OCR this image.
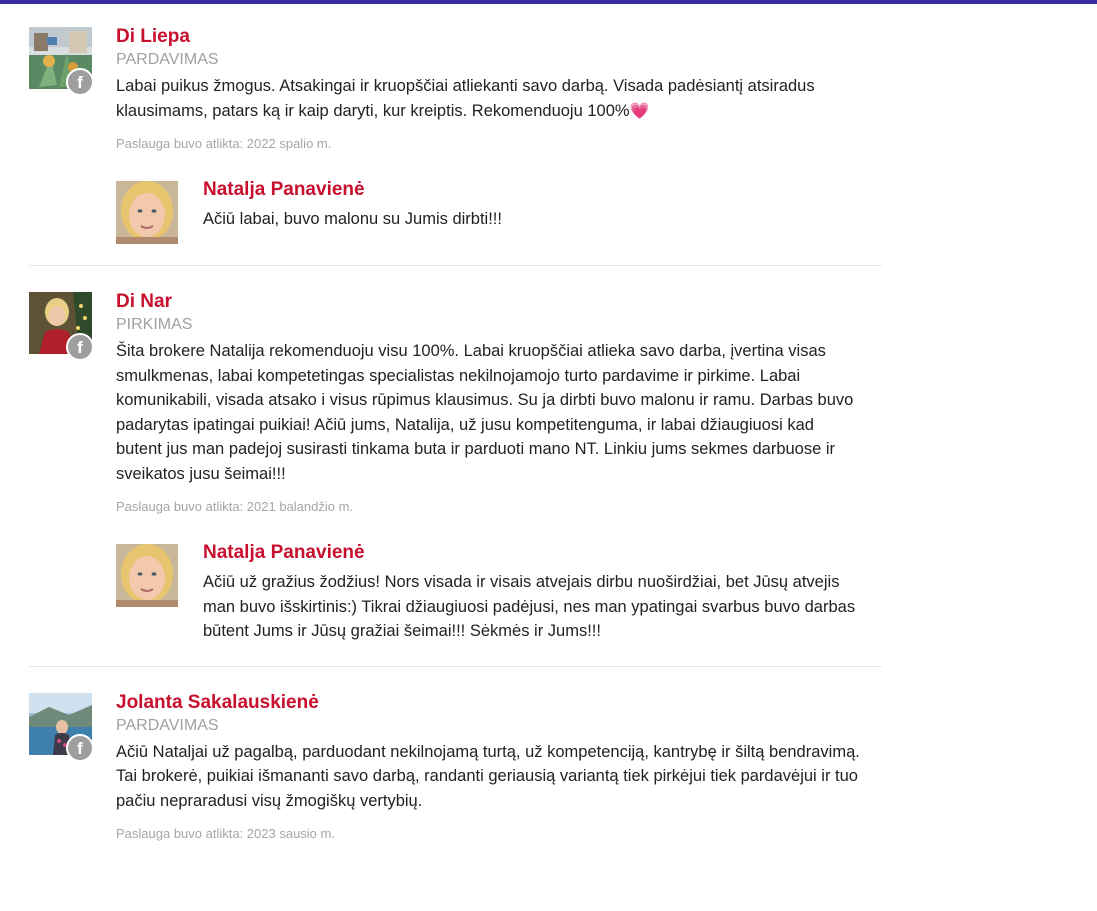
f
Di Liepa
PARDAVIMAS
Labai puikus žmogus. Atsakingai ir kruopščiai atliekanti savo darbą. Visada padėsiantį atsiradus klausimams, patars ką ir kaip daryti, kur kreiptis. Rekomenduoju 100%💗
Paslauga buvo atlikta: 2022 spalio m.
Natalja Panavienė
Ačiū labai, buvo malonu su Jumis dirbti!!!
f
Di Nar
PIRKIMAS
Šita brokere Natalija rekomenduoju visu 100%. Labai kruopščiai atlieka savo darba, įvertina visas smulkmenas, labai kompetetingas specialistas nekilnojamojo turto pardavime ir pirkime. Labai komunikabili, visada atsako i visus rūpimus klausimus. Su ja dirbti buvo malonu ir ramu. Darbas buvo padarytas ipatingai puikiai! Ačiū jums, Natalija, už jusu kompetitenguma, ir labai džiaugiuosi kad butent jus man padejoj susirasti tinkama buta ir parduoti mano NT. Linkiu jums sekmes darbuose ir sveikatos jusu šeimai!!!
Paslauga buvo atlikta: 2021 balandžio m.
Natalja Panavienė
Ačiū už gražius žodžius! Nors visada ir visais atvejais dirbu nuoširdžiai, bet Jūsų atvejis man buvo išskirtinis:) Tikrai džiaugiuosi padėjusi, nes man ypatingai svarbus buvo darbas būtent Jums ir Jūsų gražiai šeimai!!! Sėkmės ir Jums!!!
f
Jolanta Sakalauskienė
PARDAVIMAS
Ačiū Nataljai už pagalbą, parduodant nekilnojamą turtą, už kompetenciją, kantrybę ir šiltą bendravimą. Tai brokerė, puikiai išmananti savo darbą, randanti geriausią variantą tiek pirkėjui tiek pardavėjui ir tuo pačiu nepraradusi visų žmogiškų vertybių.
Paslauga buvo atlikta: 2023 sausio m.
